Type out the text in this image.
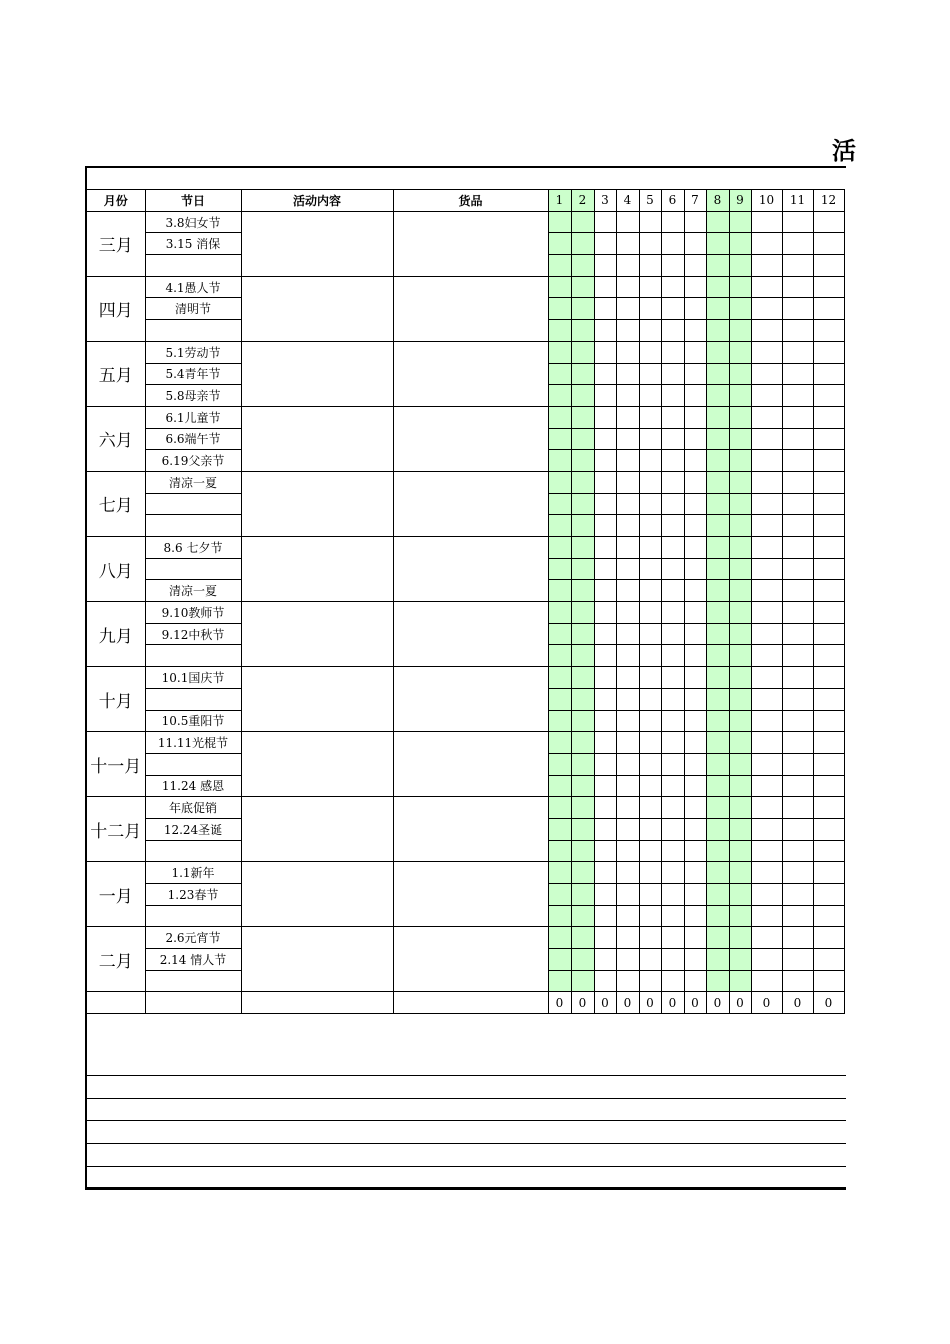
活
月份	节日	活动内容	货品	1	2	3	4	5	6	7	8	9	10	11	12
三月	3.8妇女节														
	3.15 消保														

四月	4.1愚人节														
	清明节														

五月	5.1劳动节														
	5.4青年节														
	5.8母亲节														
六月	6.1儿童节														
	6.6端午节														
	6.19父亲节														
七月	清凉一夏														

八月	8.6 七夕节														

	清凉一夏														
九月	9.10教师节														
	9.12中秋节														

十月	10.1国庆节														

	10.5重阳节														
十一月	11.11光棍节														

	11.24 感恩														
十二月	年底促销														
	12.24圣诞														

一月	1.1新年														
	1.23春节														

二月	2.6元宵节														
	2.14 情人节														

				0	0	0	0	0	0	0	0	0	0	0	0
